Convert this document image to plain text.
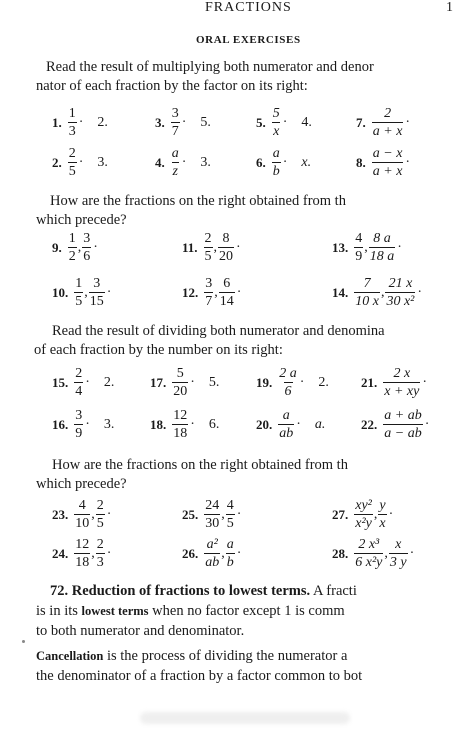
FRACTIONS	1
ORAL EXERCISES
Read the result of multiplying both numerator and denor
nator of each fraction by the factor on its right:
1. $\frac{1}{3} \cdot 2$.	3. $\frac{3}{7} \cdot 5$.	5. $\frac{5}{x} \cdot 4$.	7. $\frac{2}{a + x}$ ·
2. $\frac{2}{5} \cdot 3$.	4. $\frac{a}{z} \cdot 3$.	6. $\frac{a}{b} \cdot x$.	8. $\frac{a - x}{a + x}$ ·
How are the fractions on the right obtained from th
which precede?
9. $\frac{1}{2}$ , $\frac{3}{6}$ ·	11. $\frac{2}{5}$ , $\frac{8}{20}$ ·	13. $\frac{4}{9}$ , $\frac{8 a}{18 a}$ ·
10. $\frac{1}{5}$ , $\frac{3}{15}$ ·	12. $\frac{3}{7}$ , $\frac{6}{14}$ ·	14. $\frac{7}{10 x}$ , $\frac{21 x}{\text{30 x²}}$ ·
Read the result of dividing both numerator and denomina
of each fraction by the number on its right:
15. $\frac{2}{4} \cdot 2$.	17. $\frac{5}{20} \cdot 5$.	19. $\frac{2 a}{6} \cdot 2$. 21. $\frac{2 x}{x + xy}$ ·
16. $\frac{3}{9} \cdot 3$.	18. $\frac{12}{18} \cdot 6$.	20. $\frac{a}{ab} \cdot a$.	22. $\frac{a + ab}{a - ab}$ ·
How are the fractions on the right obtained from th
which precede?
23. $\frac{4}{10}$ , $\frac{2}{5}$ ·	25. $\frac{24}{30}$ , $\frac{4}{5}$ ·	27. $\frac{\text{xy²}}{\text{x²y}}$ , $\frac{y}{x}$ ·
24. $\frac{12}{18}$ , $\frac{2}{3}$ ·	26. $\frac{\text{a²}}{ab}$ , $\frac{a}{b}$ ·	28. $\frac{\text{2 x³}}{\text{6 x²y}}$ , $\frac{x}{3 y}$ ·
72. Reduction of fractions to lowest terms. A fracti
is in its lowest terms when no factor except 1 is comm
to both numerator and denominator.
Cancellation is the process of dividing the numerator a
the denominator of a fraction by a factor common to bot
